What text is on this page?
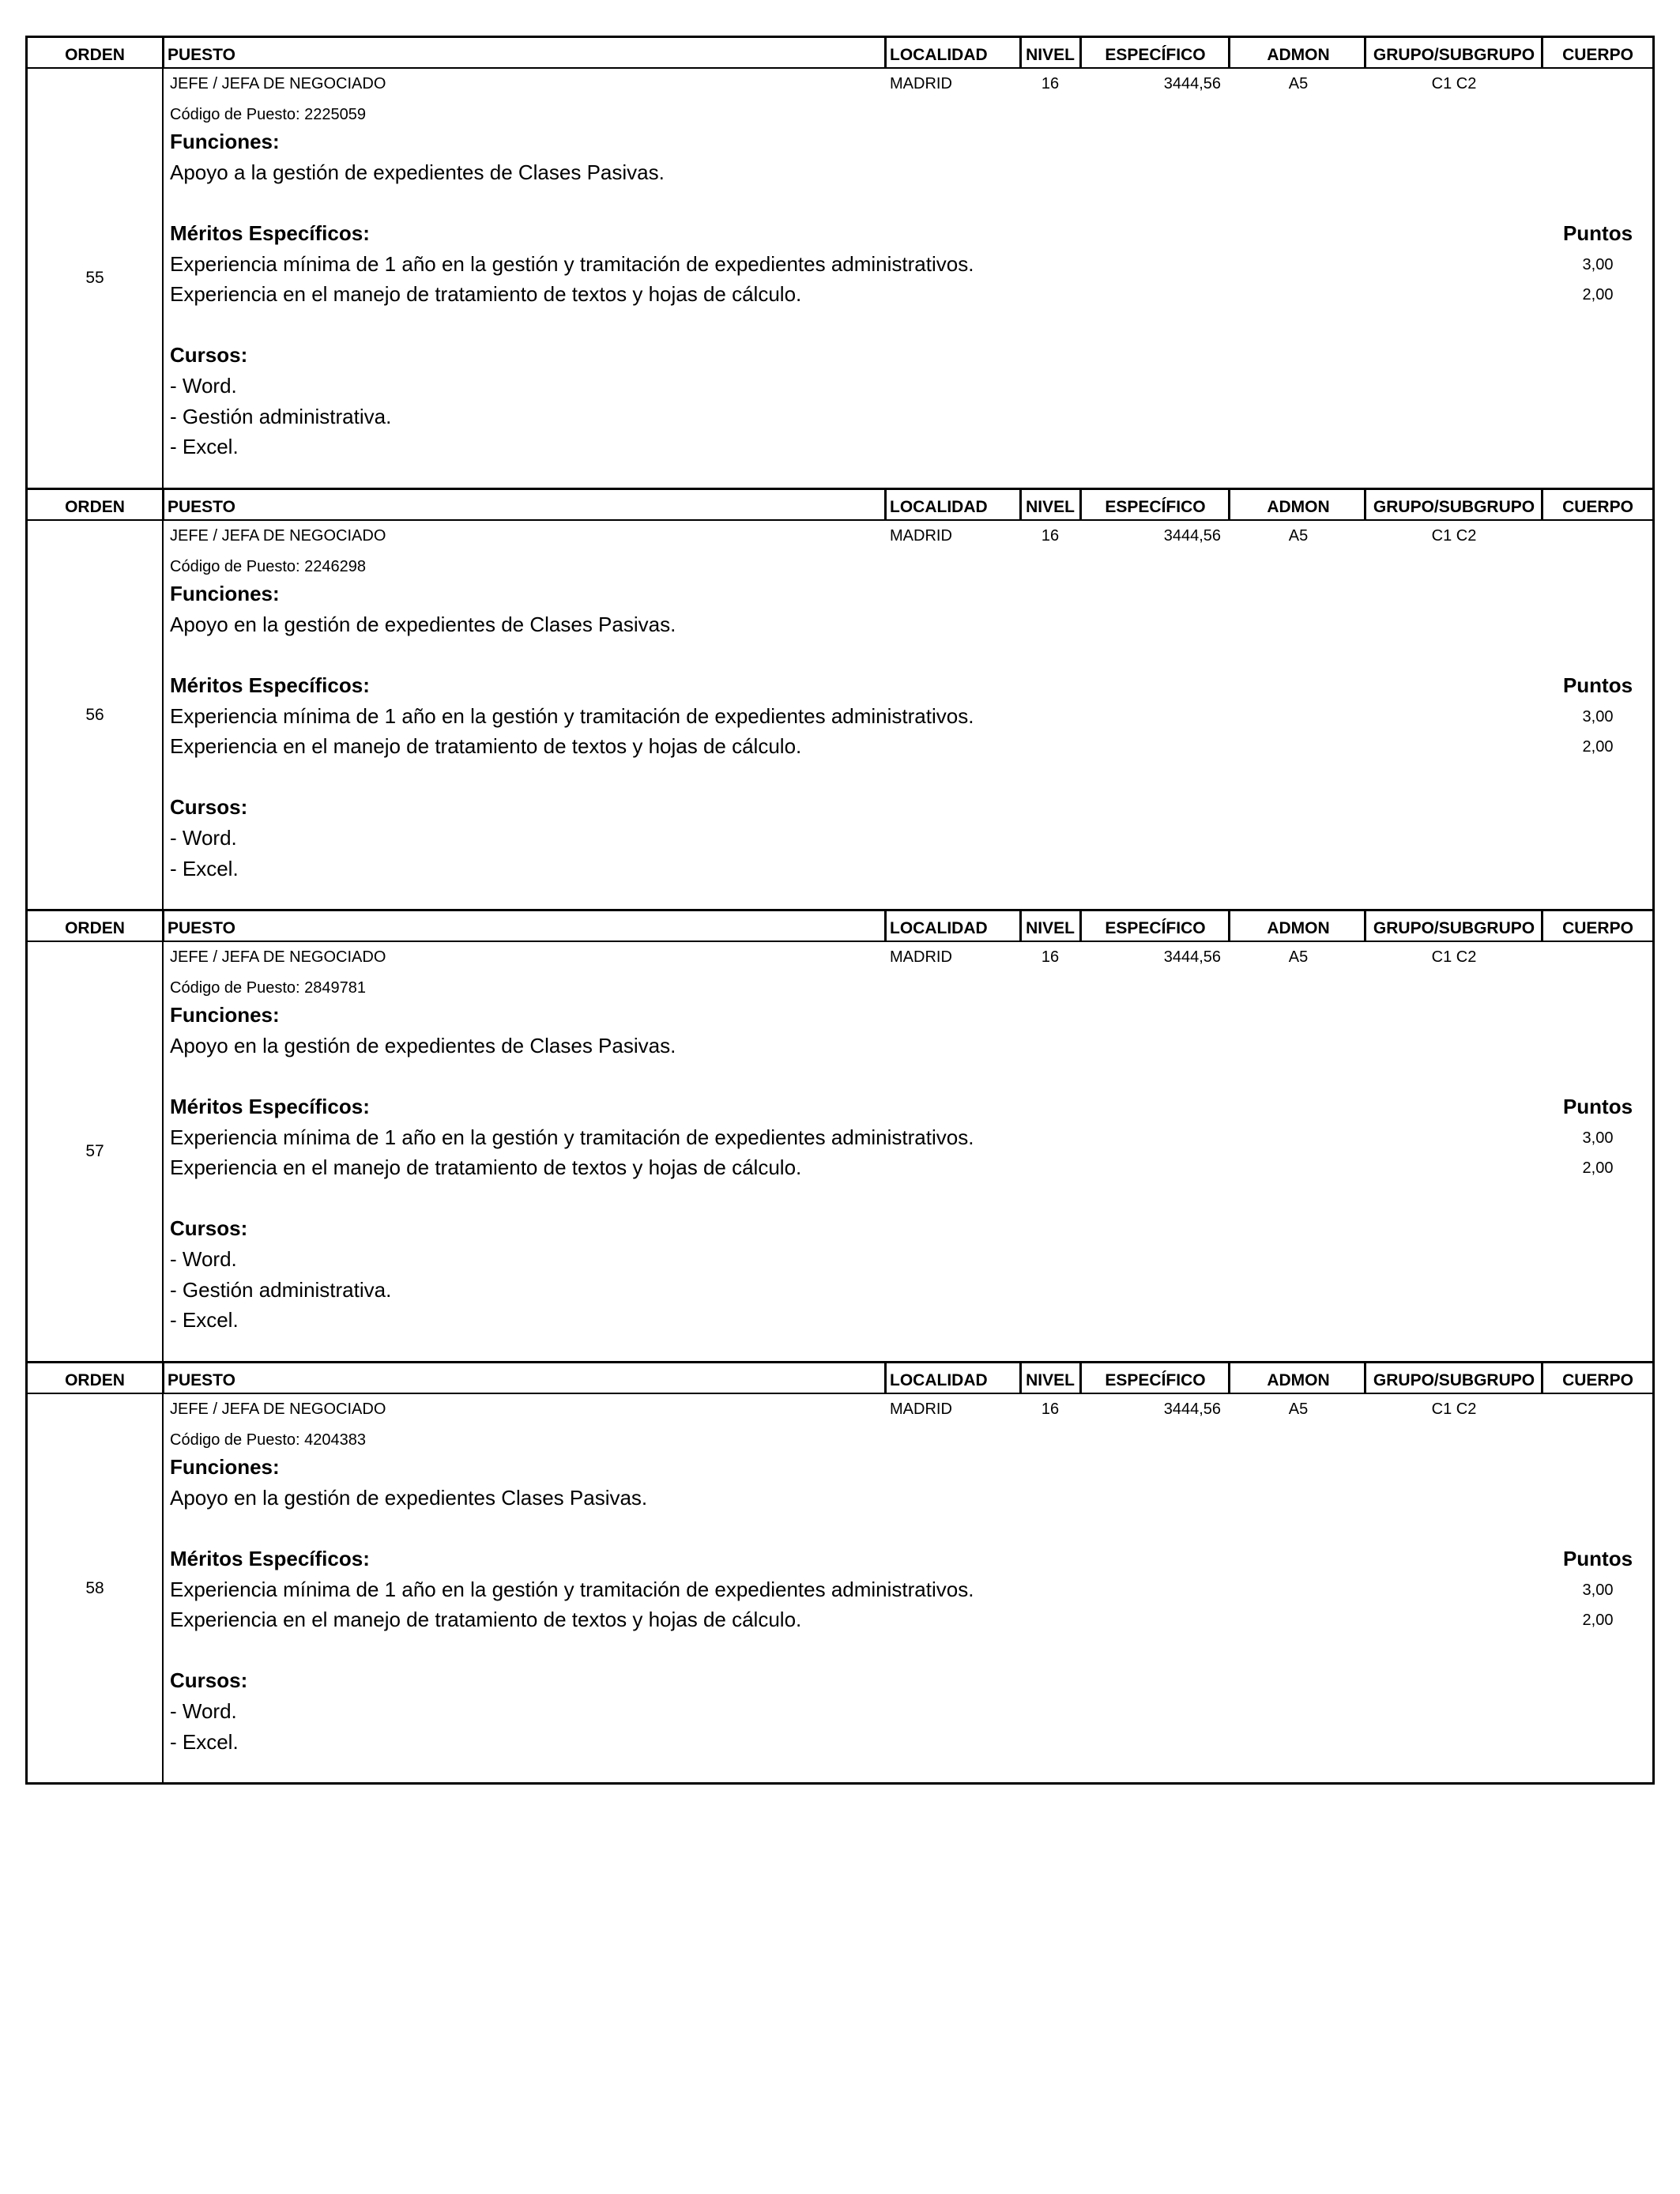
ORDEN	PUESTO	LOCALIDAD NIVEL	ESPECÍFICO	ADMON	GRUPO/SUBGRUPO	CUERPO
55
JEFE / JEFA DE NEGOCIADO	MADRID	16	3444,56	A5	C1 C2
Código de Puesto: 2225059
Funciones:
Apoyo a la gestión de expedientes de Clases Pasivas.
Méritos Específicos:	Puntos
Experiencia mínima de 1 año en la gestión y tramitación de expedientes administrativos.	3,00
Experiencia en el manejo de tratamiento de textos y hojas de cálculo.	2,00
Cursos:
- Word.
- Gestión administrativa.
- Excel.
ORDEN	PUESTO	LOCALIDAD NIVEL	ESPECÍFICO	ADMON	GRUPO/SUBGRUPO	CUERPO
56
JEFE / JEFA DE NEGOCIADO	MADRID	16	3444,56	A5	C1 C2
Código de Puesto: 2246298
Funciones:
Apoyo en la gestión de expedientes de Clases Pasivas.
Méritos Específicos:	Puntos
Experiencia mínima de 1 año en la gestión y tramitación de expedientes administrativos.	3,00
Experiencia en el manejo de tratamiento de textos y hojas de cálculo.	2,00
Cursos:
- Word.
- Excel.
ORDEN	PUESTO	LOCALIDAD NIVEL	ESPECÍFICO	ADMON	GRUPO/SUBGRUPO	CUERPO
57
JEFE / JEFA DE NEGOCIADO	MADRID	16	3444,56	A5	C1 C2
Código de Puesto: 2849781
Funciones:
Apoyo en la gestión de expedientes de Clases Pasivas.
Méritos Específicos:	Puntos
Experiencia mínima de 1 año en la gestión y tramitación de expedientes administrativos.	3,00
Experiencia en el manejo de tratamiento de textos y hojas de cálculo.	2,00
Cursos:
- Word.
- Gestión administrativa.
- Excel.
ORDEN	PUESTO	LOCALIDAD NIVEL	ESPECÍFICO	ADMON	GRUPO/SUBGRUPO	CUERPO
58
JEFE / JEFA DE NEGOCIADO	MADRID	16	3444,56	A5	C1 C2
Código de Puesto: 4204383
Funciones:
Apoyo en la gestión de expedientes Clases Pasivas.
Méritos Específicos:	Puntos
Experiencia mínima de 1 año en la gestión y tramitación de expedientes administrativos.	3,00
Experiencia en el manejo de tratamiento de textos y hojas de cálculo.	2,00
Cursos:
- Word.
- Excel.
